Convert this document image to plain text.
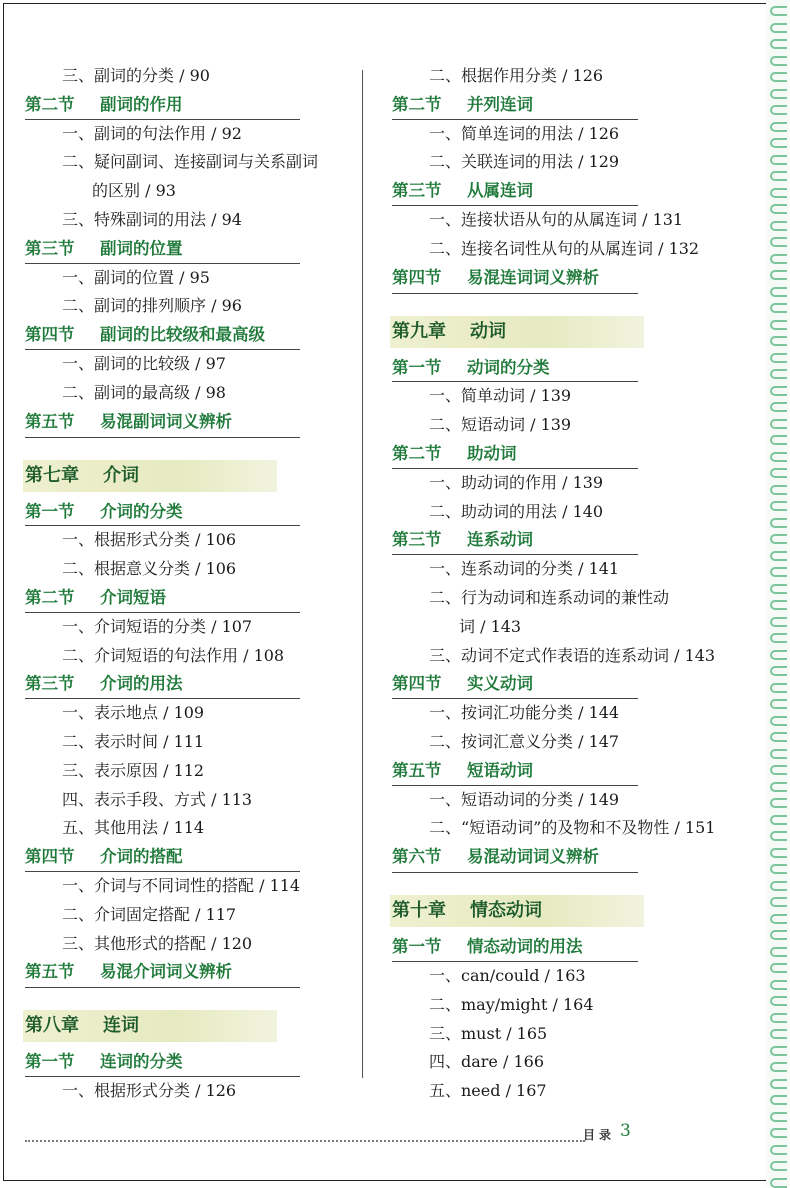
三、副词的分类 / 90
第二节 副词的作用
一、副词的句法作用 / 92
二、疑问副词、连接副词与关系副词
的区别 / 93
三、特殊副词的用法 / 94
第三节 副词的位置
一、副词的位置 / 95
二、副词的排列顺序 / 96
第四节 副词的比较级和最高级
一、副词的比较级 / 97
二、副词的最高级 / 98
第五节 易混副词词义辨析
第七章 介词
第一节 介词的分类
一、根据形式分类 / 106
二、根据意义分类 / 106
第二节 介词短语
一、介词短语的分类 / 107
二、介词短语的句法作用 / 108
第三节 介词的用法
一、表示地点 / 109
二、表示时间 / 111
三、表示原因 / 112
四、表示手段、方式 / 113
五、其他用法 / 114
第四节 介词的搭配
一、介词与不同词性的搭配 / 114
二、介词固定搭配 / 117
三、其他形式的搭配 / 120
第五节 易混介词词义辨析
第八章 连词
第一节 连词的分类
一、根据形式分类 / 126
二、根据作用分类 / 126
第二节 并列连词
一、简单连词的用法 / 126
二、关联连词的用法 / 129
第三节 从属连词
一、连接状语从句的从属连词 / 131
二、连接名词性从句的从属连词 / 132
第四节 易混连词词义辨析
第九章 动词
第一节 动词的分类
一、简单动词 / 139
二、短语动词 / 139
第二节 助动词
一、助动词的作用 / 139
二、助动词的用法 / 140
第三节 连系动词
一、连系动词的分类 / 141
二、行为动词和连系动词的兼性动
词 / 143
三、动词不定式作表语的连系动词 / 143
第四节 实义动词
一、按词汇功能分类 / 144
二、按词汇意义分类 / 147
第五节 短语动词
一、短语动词的分类 / 149
二、“短语动词”的及物和不及物性 / 151
第六节 易混动词词义辨析
第十章 情态动词
第一节 情态动词的用法
一、can/could / 163
二、may/might / 164
三、must / 165
四、dare / 166
五、need / 167
目录 3
